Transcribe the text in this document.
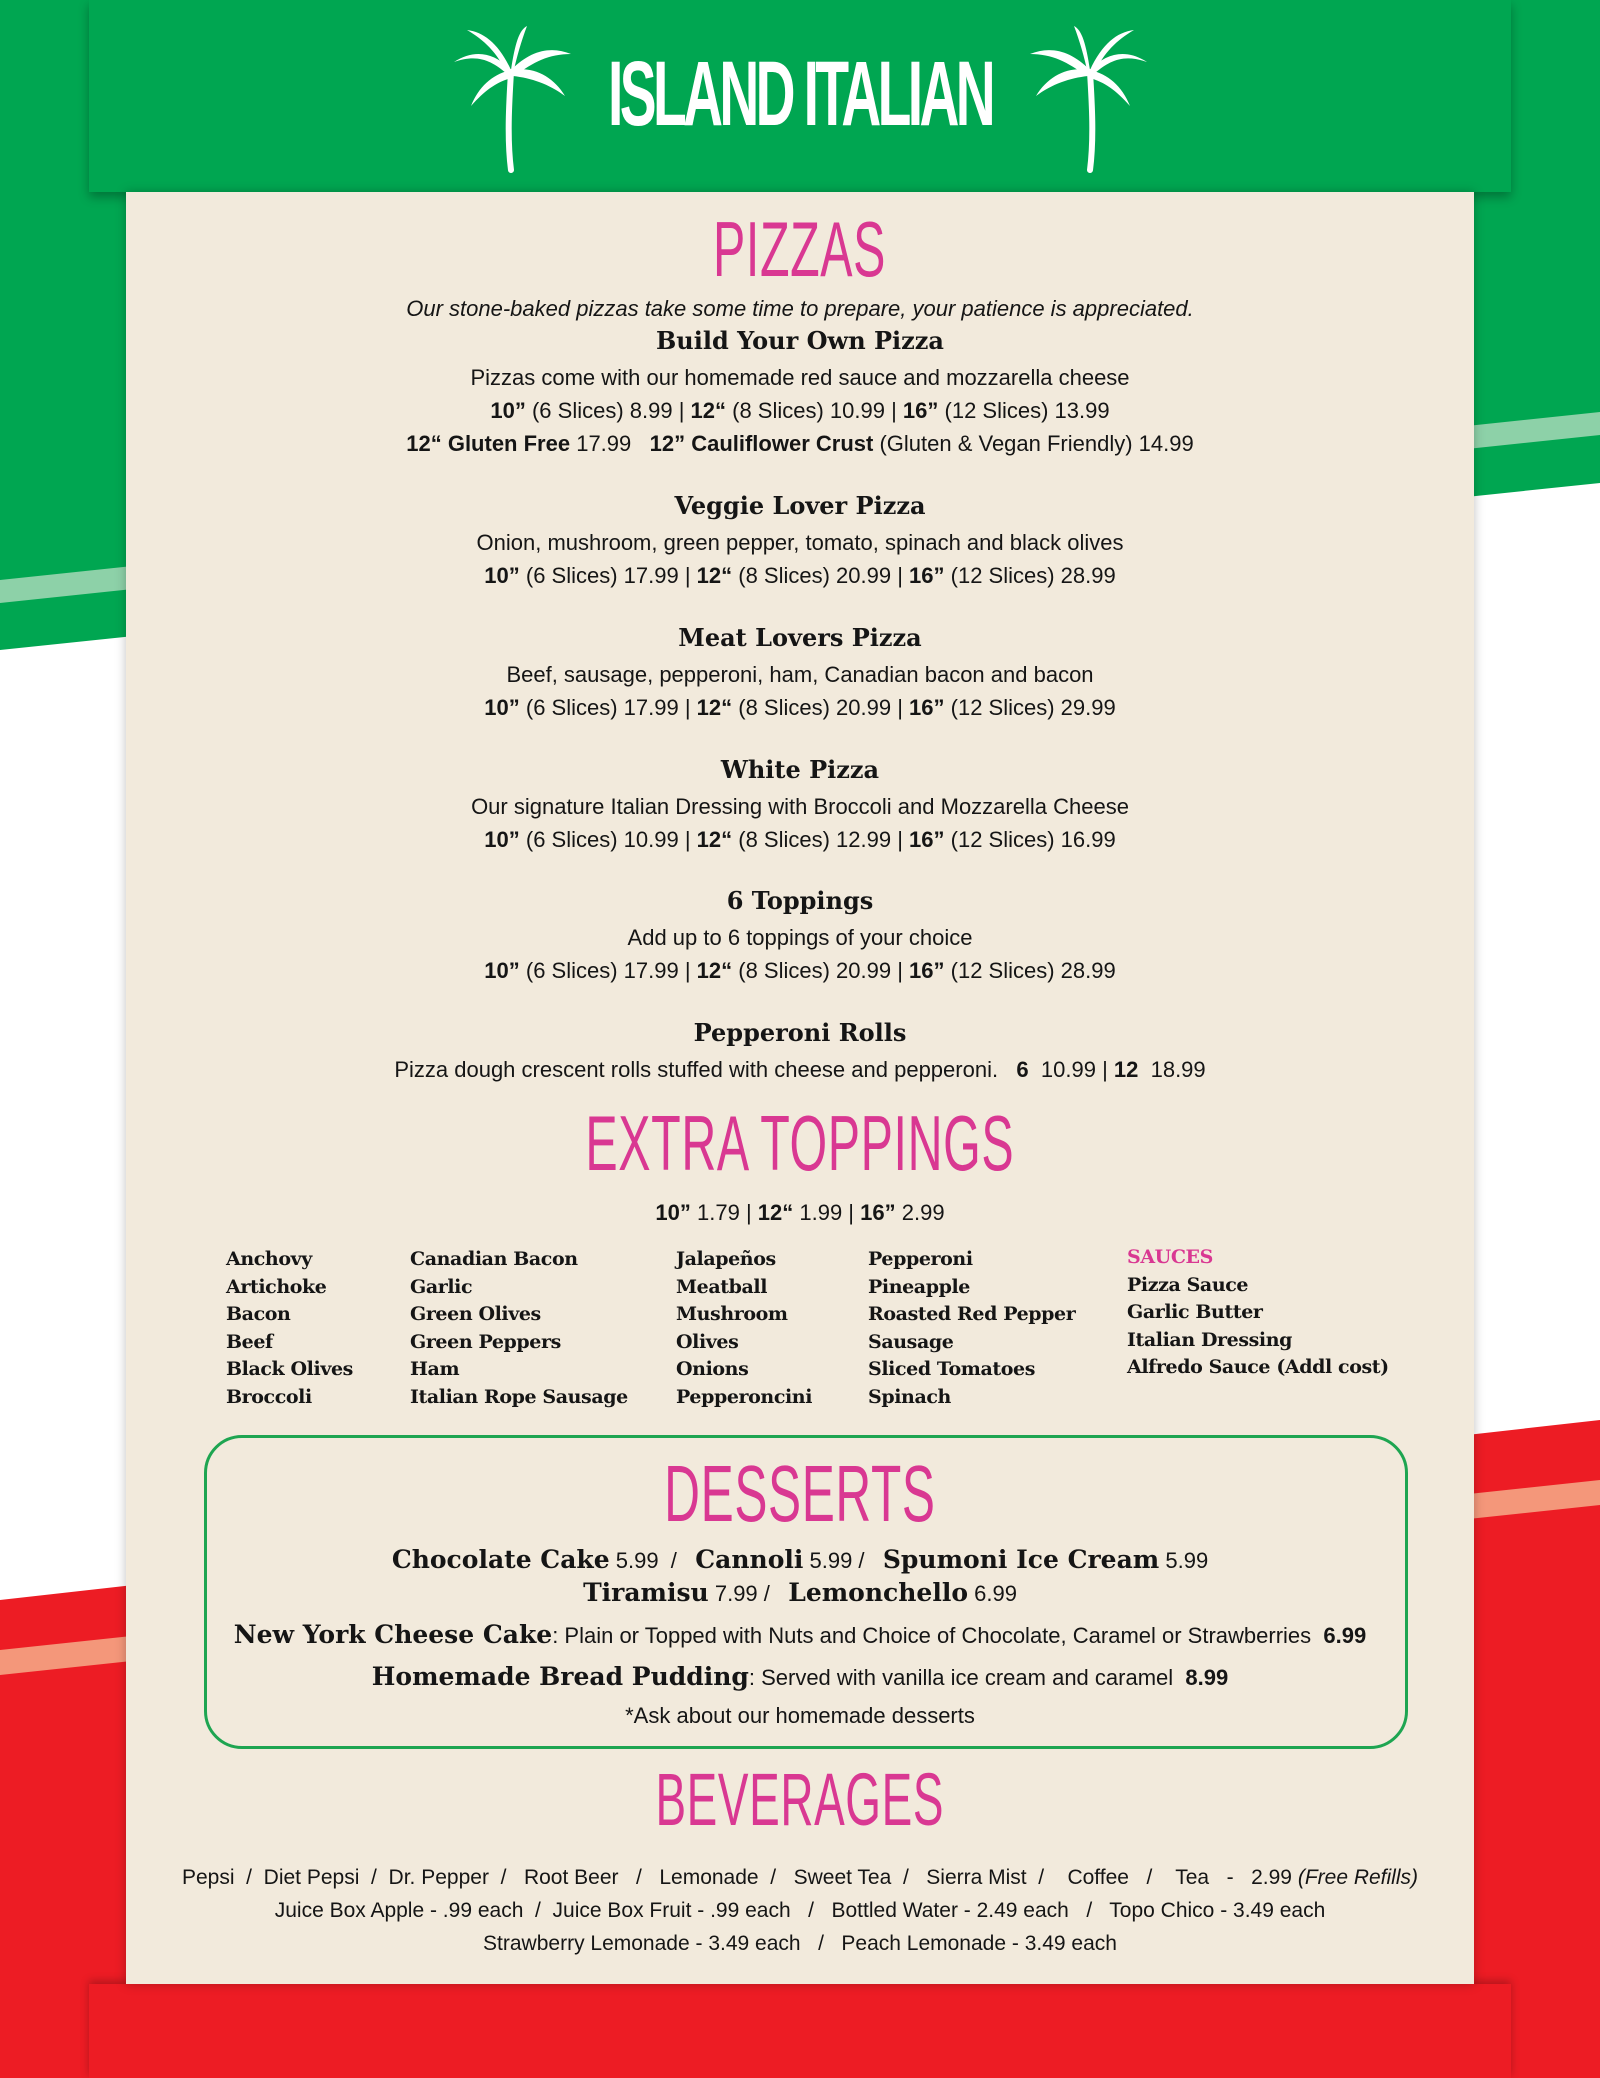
ISLAND ITALIAN
PIZZAS
Our stone-baked pizzas take some time to prepare, your patience is appreciated.
Build Your Own Pizza
Pizzas come with our homemade red sauce and mozzarella cheese
10” (6 Slices) 8.99 | 12“ (8 Slices) 10.99 | 16” (12 Slices) 13.99
12“ Gluten Free 17.99   12” Cauliflower Crust (Gluten & Vegan Friendly) 14.99
Veggie Lover Pizza
Onion, mushroom, green pepper, tomato, spinach and black olives
10” (6 Slices) 17.99 | 12“ (8 Slices) 20.99 | 16” (12 Slices) 28.99
Meat Lovers Pizza
Beef, sausage, pepperoni, ham, Canadian bacon and bacon
10” (6 Slices) 17.99 | 12“ (8 Slices) 20.99 | 16” (12 Slices) 29.99
White Pizza
Our signature Italian Dressing with Broccoli and Mozzarella Cheese
10” (6 Slices) 10.99 | 12“ (8 Slices) 12.99 | 16” (12 Slices) 16.99
6 Toppings
Add up to 6 toppings of your choice
10” (6 Slices) 17.99 | 12“ (8 Slices) 20.99 | 16” (12 Slices) 28.99
Pepperoni Rolls
Pizza dough crescent rolls stuffed with cheese and pepperoni.   6  10.99 | 12  18.99
EXTRA TOPPINGS
10” 1.79 | 12“ 1.99 | 16” 2.99
Anchovy
Artichoke
Bacon
Beef
Black Olives
Broccoli
Canadian Bacon
Garlic
Green Olives
Green Peppers
Ham
Italian Rope Sausage
Jalapeños
Meatball
Mushroom
Olives
Onions
Pepperoncini
Pepperoni
Pineapple
Roasted Red Pepper
Sausage
Sliced Tomatoes
Spinach
SAUCES
Pizza Sauce
Garlic Butter
Italian Dressing
Alfredo Sauce (Addl cost)
DESSERTS
Chocolate Cake 5.99  /   Cannoli 5.99 /   Spumoni Ice Cream 5.99
Tiramisu 7.99 /   Lemonchello 6.99
New York Cheese Cake: Plain or Topped with Nuts and Choice of Chocolate, Caramel or Strawberries  6.99
Homemade Bread Pudding: Served with vanilla ice cream and caramel  8.99
*Ask about our homemade desserts
BEVERAGES
Pepsi  /  Diet Pepsi  /  Dr. Pepper  /   Root Beer   /   Lemonade  /   Sweet Tea  /   Sierra Mist  /    Coffee   /    Tea   -   2.99 (Free Refills)
Juice Box Apple - .99 each  /  Juice Box Fruit - .99 each   /   Bottled Water - 2.49 each   /   Topo Chico - 3.49 each
Strawberry Lemonade - 3.49 each   /   Peach Lemonade - 3.49 each
